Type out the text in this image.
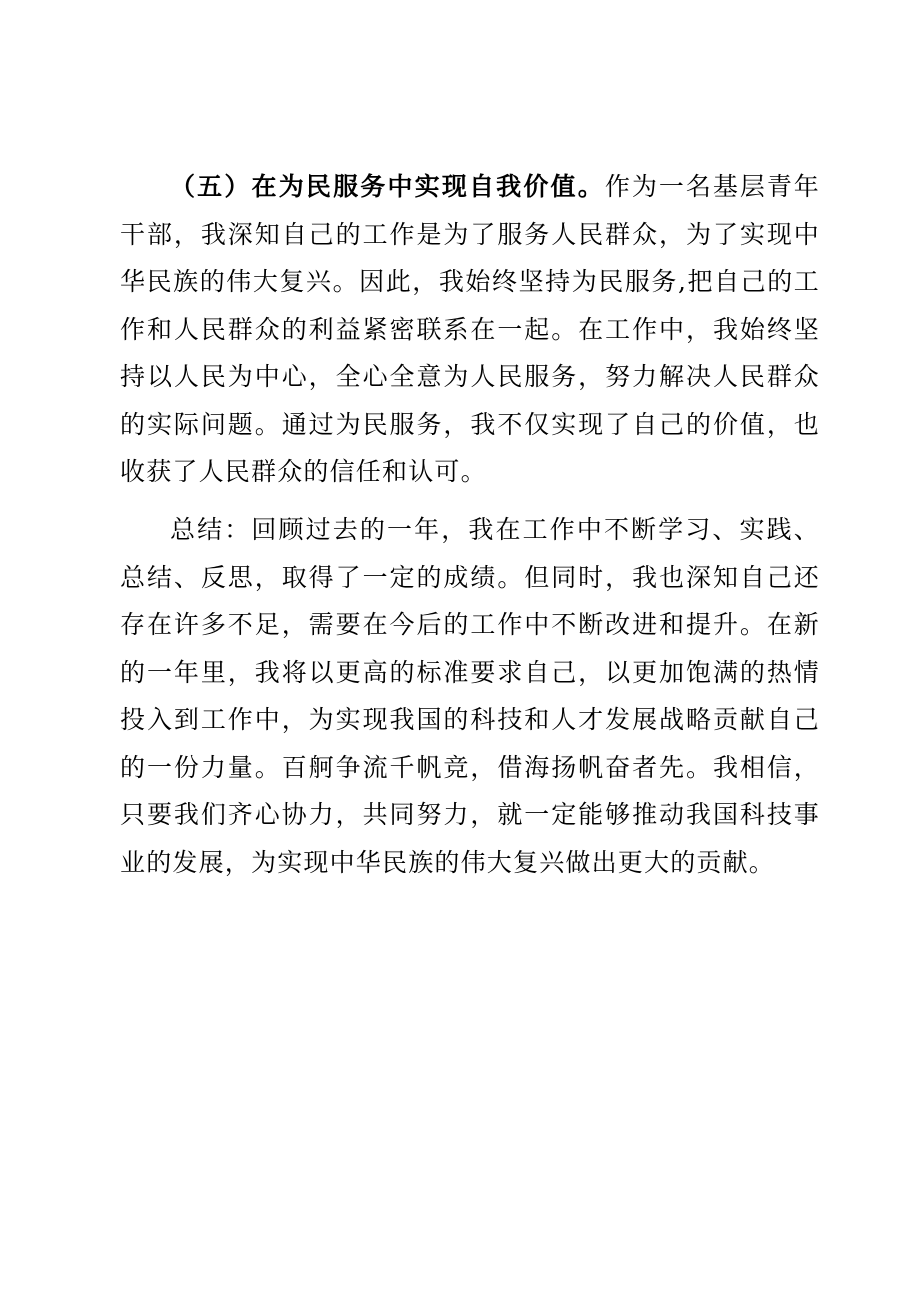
（五）在为民服务中实现自我价值。作为一名基层青年干部，我深知自己的工作是为了服务人民群众，为了实现中华民族的伟大复兴。因此，我始终坚持为民服务,把自己的工作和人民群众的利益紧密联系在一起。在工作中，我始终坚持以人民为中心，全心全意为人民服务，努力解决人民群众的实际问题。通过为民服务，我不仅实现了自己的价值，也收获了人民群众的信任和认可。

总结：回顾过去的一年，我在工作中不断学习、实践、总结、反思，取得了一定的成绩。但同时，我也深知自己还存在许多不足，需要在今后的工作中不断改进和提升。在新的一年里，我将以更高的标准要求自己，以更加饱满的热情投入到工作中，为实现我国的科技和人才发展战略贡献自己的一份力量。百舸争流千帆竞，借海扬帆奋者先。我相信，只要我们齐心协力，共同努力，就一定能够推动我国科技事业的发展，为实现中华民族的伟大复兴做出更大的贡献。
